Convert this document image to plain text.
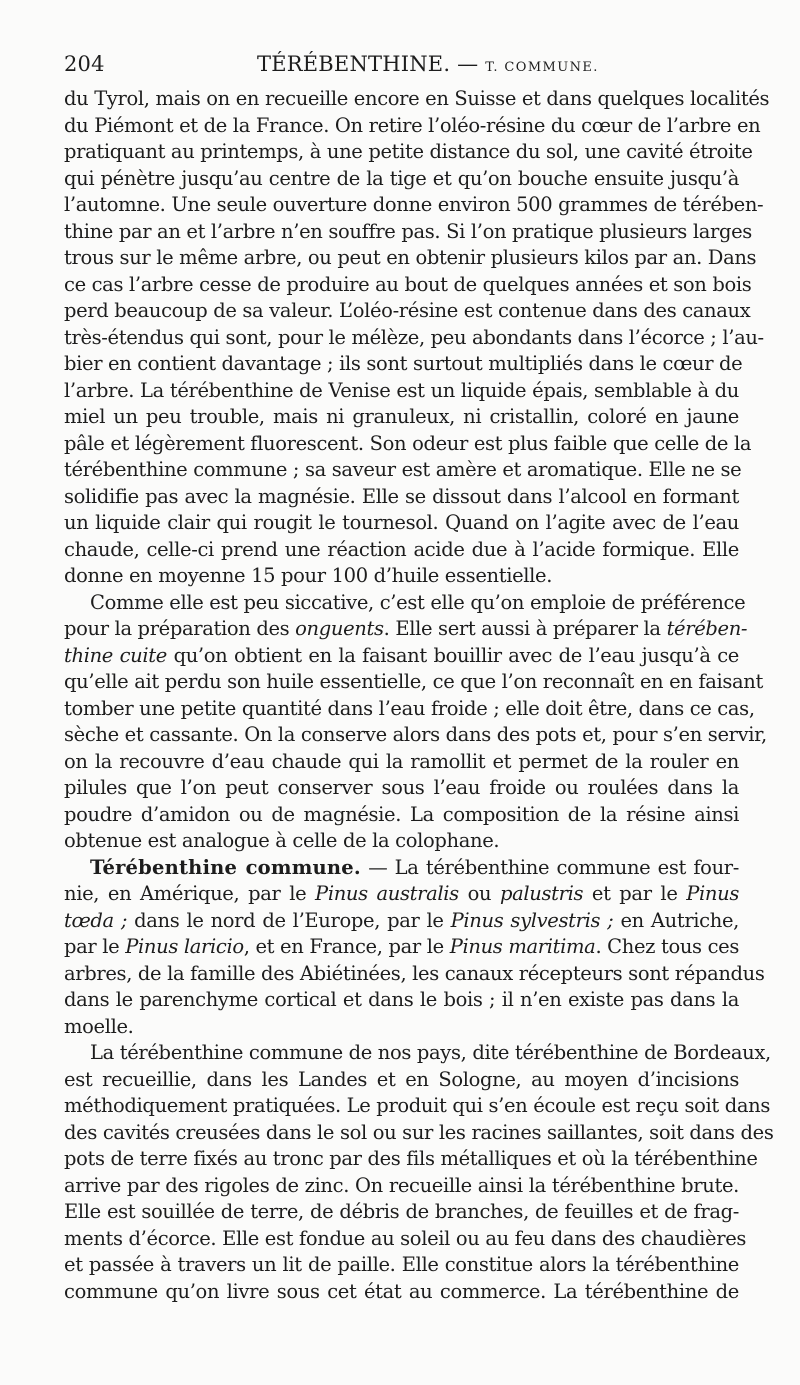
204	TÉRÉBENTHINE. — T. COMMUNE.
du Tyrol, mais on en recueille encore en Suisse et dans quelques localités
du Piémont et de la France. On retire l’oléo-résine du cœur de l’arbre en
pratiquant au printemps, à une petite distance du sol, une cavité étroite
qui pénètre jusqu’au centre de la tige et qu’on bouche ensuite jusqu’à
l’automne. Une seule ouverture donne environ 500 grammes de térében-
thine par an et l’arbre n’en souffre pas. Si l’on pratique plusieurs larges
trous sur le même arbre, ou peut en obtenir plusieurs kilos par an. Dans
ce cas l’arbre cesse de produire au bout de quelques années et son bois
perd beaucoup de sa valeur. L’oléo-résine est contenue dans des canaux
très-étendus qui sont, pour le mélèze, peu abondants dans l’écorce ; l’au-
bier en contient davantage ; ils sont surtout multipliés dans le cœur de
l’arbre. La térébenthine de Venise est un liquide épais, semblable à du
miel un peu trouble, mais ni granuleux, ni cristallin, coloré en jaune
pâle et légèrement fluorescent. Son odeur est plus faible que celle de la
térébenthine commune ; sa saveur est amère et aromatique. Elle ne se
solidifie pas avec la magnésie. Elle se dissout dans l’alcool en formant
un liquide clair qui rougit le tournesol. Quand on l’agite avec de l’eau
chaude, celle-ci prend une réaction acide due à l’acide formique. Elle
donne en moyenne 15 pour 100 d’huile essentielle.
Comme elle est peu siccative, c’est elle qu’on emploie de préférence
pour la préparation des onguents. Elle sert aussi à préparer la térében-
thine cuite qu’on obtient en la faisant bouillir avec de l’eau jusqu’à ce
qu’elle ait perdu son huile essentielle, ce que l’on reconnaît en en faisant
tomber une petite quantité dans l’eau froide ; elle doit être, dans ce cas,
sèche et cassante. On la conserve alors dans des pots et, pour s’en servir,
on la recouvre d’eau chaude qui la ramollit et permet de la rouler en
pilules que l’on peut conserver sous l’eau froide ou roulées dans la
poudre d’amidon ou de magnésie. La composition de la résine ainsi
obtenue est analogue à celle de la colophane.
Térébenthine commune. — La térébenthine commune est four-
nie, en Amérique, par le Pinus australis ou palustris et par le Pinus
tœda ; dans le nord de l’Europe, par le Pinus sylvestris ; en Autriche,
par le Pinus laricio, et en France, par le Pinus maritima. Chez tous ces
arbres, de la famille des Abiétinées, les canaux récepteurs sont répandus
dans le parenchyme cortical et dans le bois ; il n’en existe pas dans la
moelle.
La térébenthine commune de nos pays, dite térébenthine de Bordeaux,
est recueillie, dans les Landes et en Sologne, au moyen d’incisions
méthodiquement pratiquées. Le produit qui s’en écoule est reçu soit dans
des cavités creusées dans le sol ou sur les racines saillantes, soit dans des
pots de terre fixés au tronc par des fils métalliques et où la térébenthine
arrive par des rigoles de zinc. On recueille ainsi la térébenthine brute.
Elle est souillée de terre, de débris de branches, de feuilles et de frag-
ments d’écorce. Elle est fondue au soleil ou au feu dans des chaudières
et passée à travers un lit de paille. Elle constitue alors la térébenthine
commune qu’on livre sous cet état au commerce. La térébenthine de
